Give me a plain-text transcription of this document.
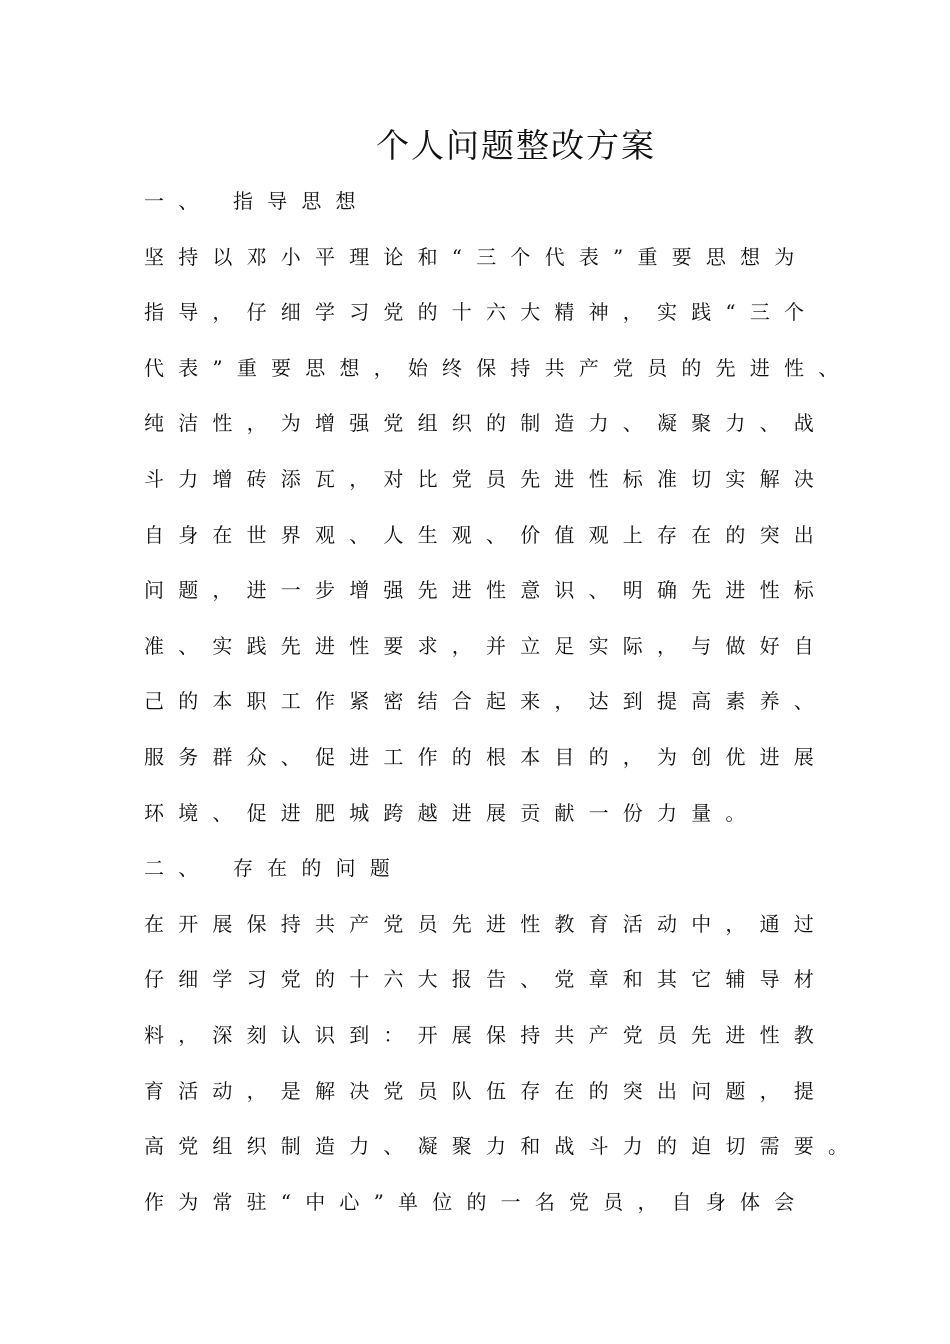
个人问题整改方案
一、 指导思想
坚持以邓小平理论和“三个代表”重要思想为
指导，仔细学习党的十六大精神，实践“三个
代表”重要思想，始终保持共产党员的先进性、
纯洁性，为增强党组织的制造力、凝聚力、战
斗力增砖添瓦，对比党员先进性标准切实解决
自身在世界观、人生观、价值观上存在的突出
问题，进一步增强先进性意识、明确先进性标
准、实践先进性要求，并立足实际，与做好自
己的本职工作紧密结合起来，达到提高素养、
服务群众、促进工作的根本目的，为创优进展
环境、促进肥城跨越进展贡献一份力量。
二、 存在的问题
在开展保持共产党员先进性教育活动中，通过
仔细学习党的十六大报告、党章和其它辅导材
料，深刻认识到：开展保持共产党员先进性教
育活动，是解决党员队伍存在的突出问题，提
高党组织制造力、凝聚力和战斗力的迫切需要。
作为常驻“中心”单位的一名党员，自身体会
